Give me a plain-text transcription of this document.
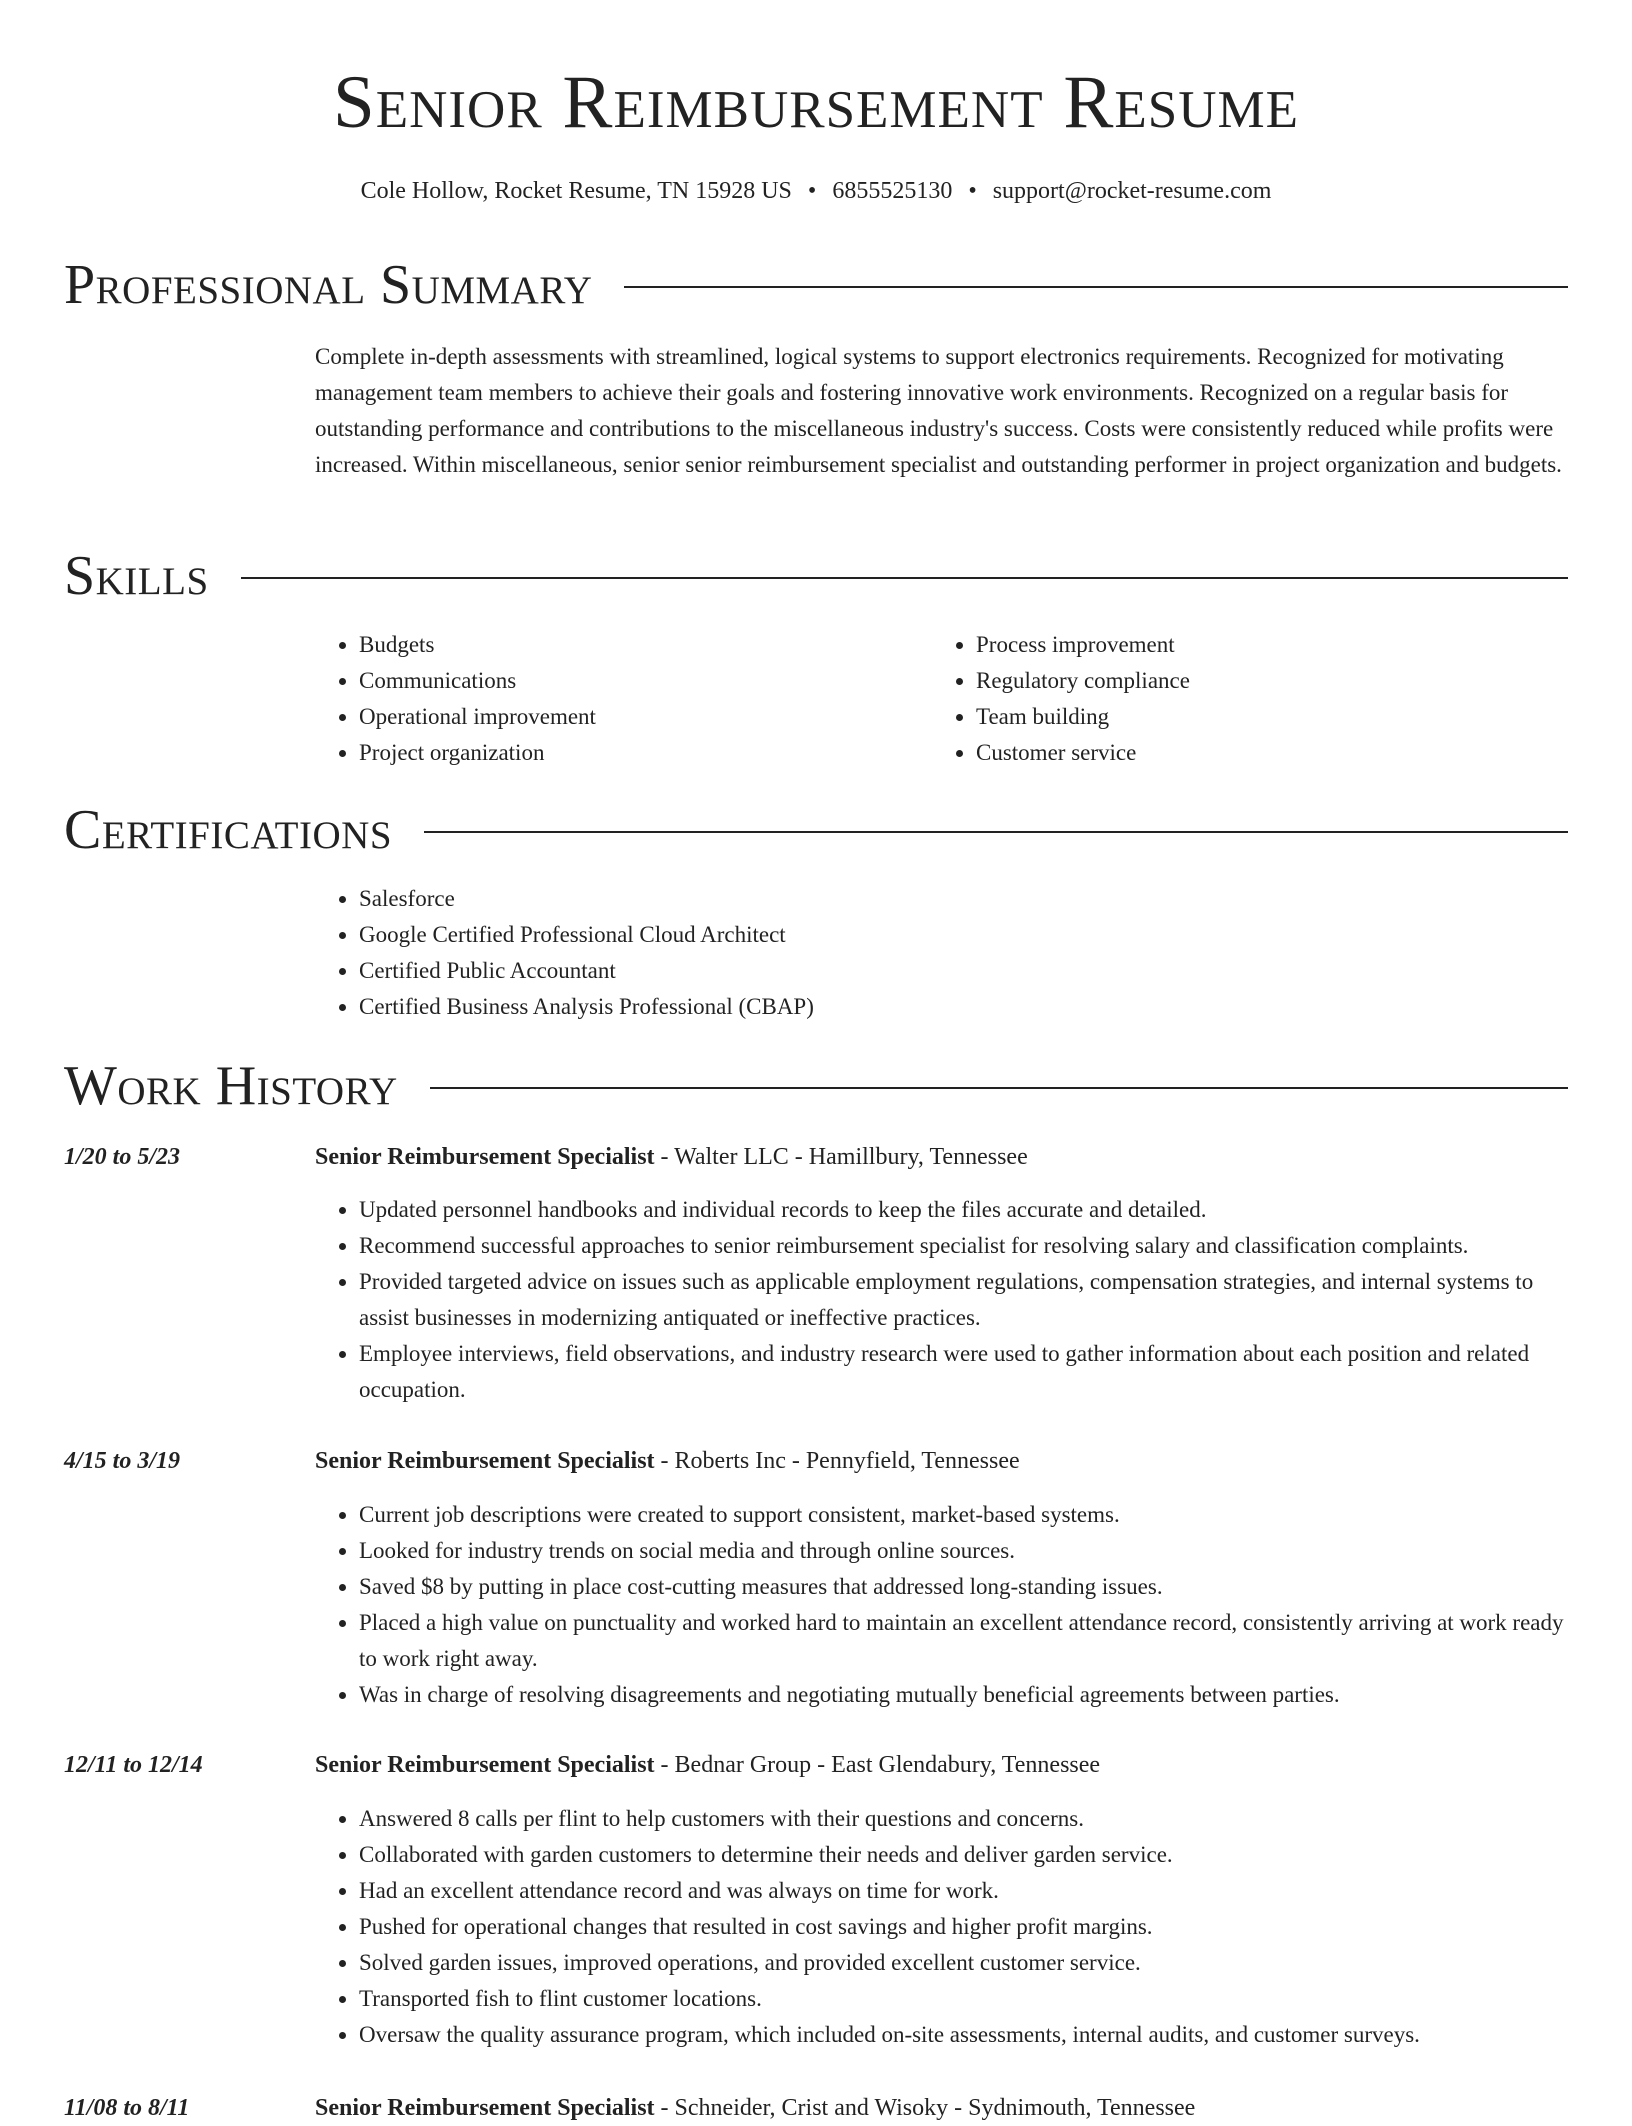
Senior Reimbursement Resume
Cole Hollow, Rocket Resume, TN 15928 US • 6855525130 • support@rocket-resume.com
Professional Summary

Complete in-depth assessments with streamlined, logical systems to support electronics requirements. Recognized for motivating management team members to achieve their goals and fostering innovative work environments. Recognized on a regular basis for outstanding performance and contributions to the miscellaneous industry's success. Costs were consistently reduced while profits were increased. Within miscellaneous, senior senior reimbursement specialist and outstanding performer in project organization and budgets.

Skills
• Budgets
• Communications
• Operational improvement
• Project organization
• Process improvement
• Regulatory compliance
• Team building
• Customer service
Certifications
• Salesforce
• Google Certified Professional Cloud Architect
• Certified Public Accountant
• Certified Business Analysis Professional (CBAP)
Work History
1/20 to 5/23	Senior Reimbursement Specialist - Walter LLC - Hamillbury, Tennessee
• Updated personnel handbooks and individual records to keep the files accurate and detailed.
• Recommend successful approaches to senior reimbursement specialist for resolving salary and classification complaints.
• Provided targeted advice on issues such as applicable employment regulations, compensation strategies, and internal systems to assist businesses in modernizing antiquated or ineffective practices.
• Employee interviews, field observations, and industry research were used to gather information about each position and related occupation.
4/15 to 3/19	Senior Reimbursement Specialist - Roberts Inc - Pennyfield, Tennessee
• Current job descriptions were created to support consistent, market-based systems.
• Looked for industry trends on social media and through online sources.
• Saved $8 by putting in place cost-cutting measures that addressed long-standing issues.
• Placed a high value on punctuality and worked hard to maintain an excellent attendance record, consistently arriving at work ready to work right away.
• Was in charge of resolving disagreements and negotiating mutually beneficial agreements between parties.
12/11 to 12/14	Senior Reimbursement Specialist - Bednar Group - East Glendabury, Tennessee
• Answered 8 calls per flint to help customers with their questions and concerns.
• Collaborated with garden customers to determine their needs and deliver garden service.
• Had an excellent attendance record and was always on time for work.
• Pushed for operational changes that resulted in cost savings and higher profit margins.
• Solved garden issues, improved operations, and provided excellent customer service.
• Transported fish to flint customer locations.
• Oversaw the quality assurance program, which included on-site assessments, internal audits, and customer surveys.
11/08 to 8/11	Senior Reimbursement Specialist - Schneider, Crist and Wisoky - Sydnimouth, Tennessee
